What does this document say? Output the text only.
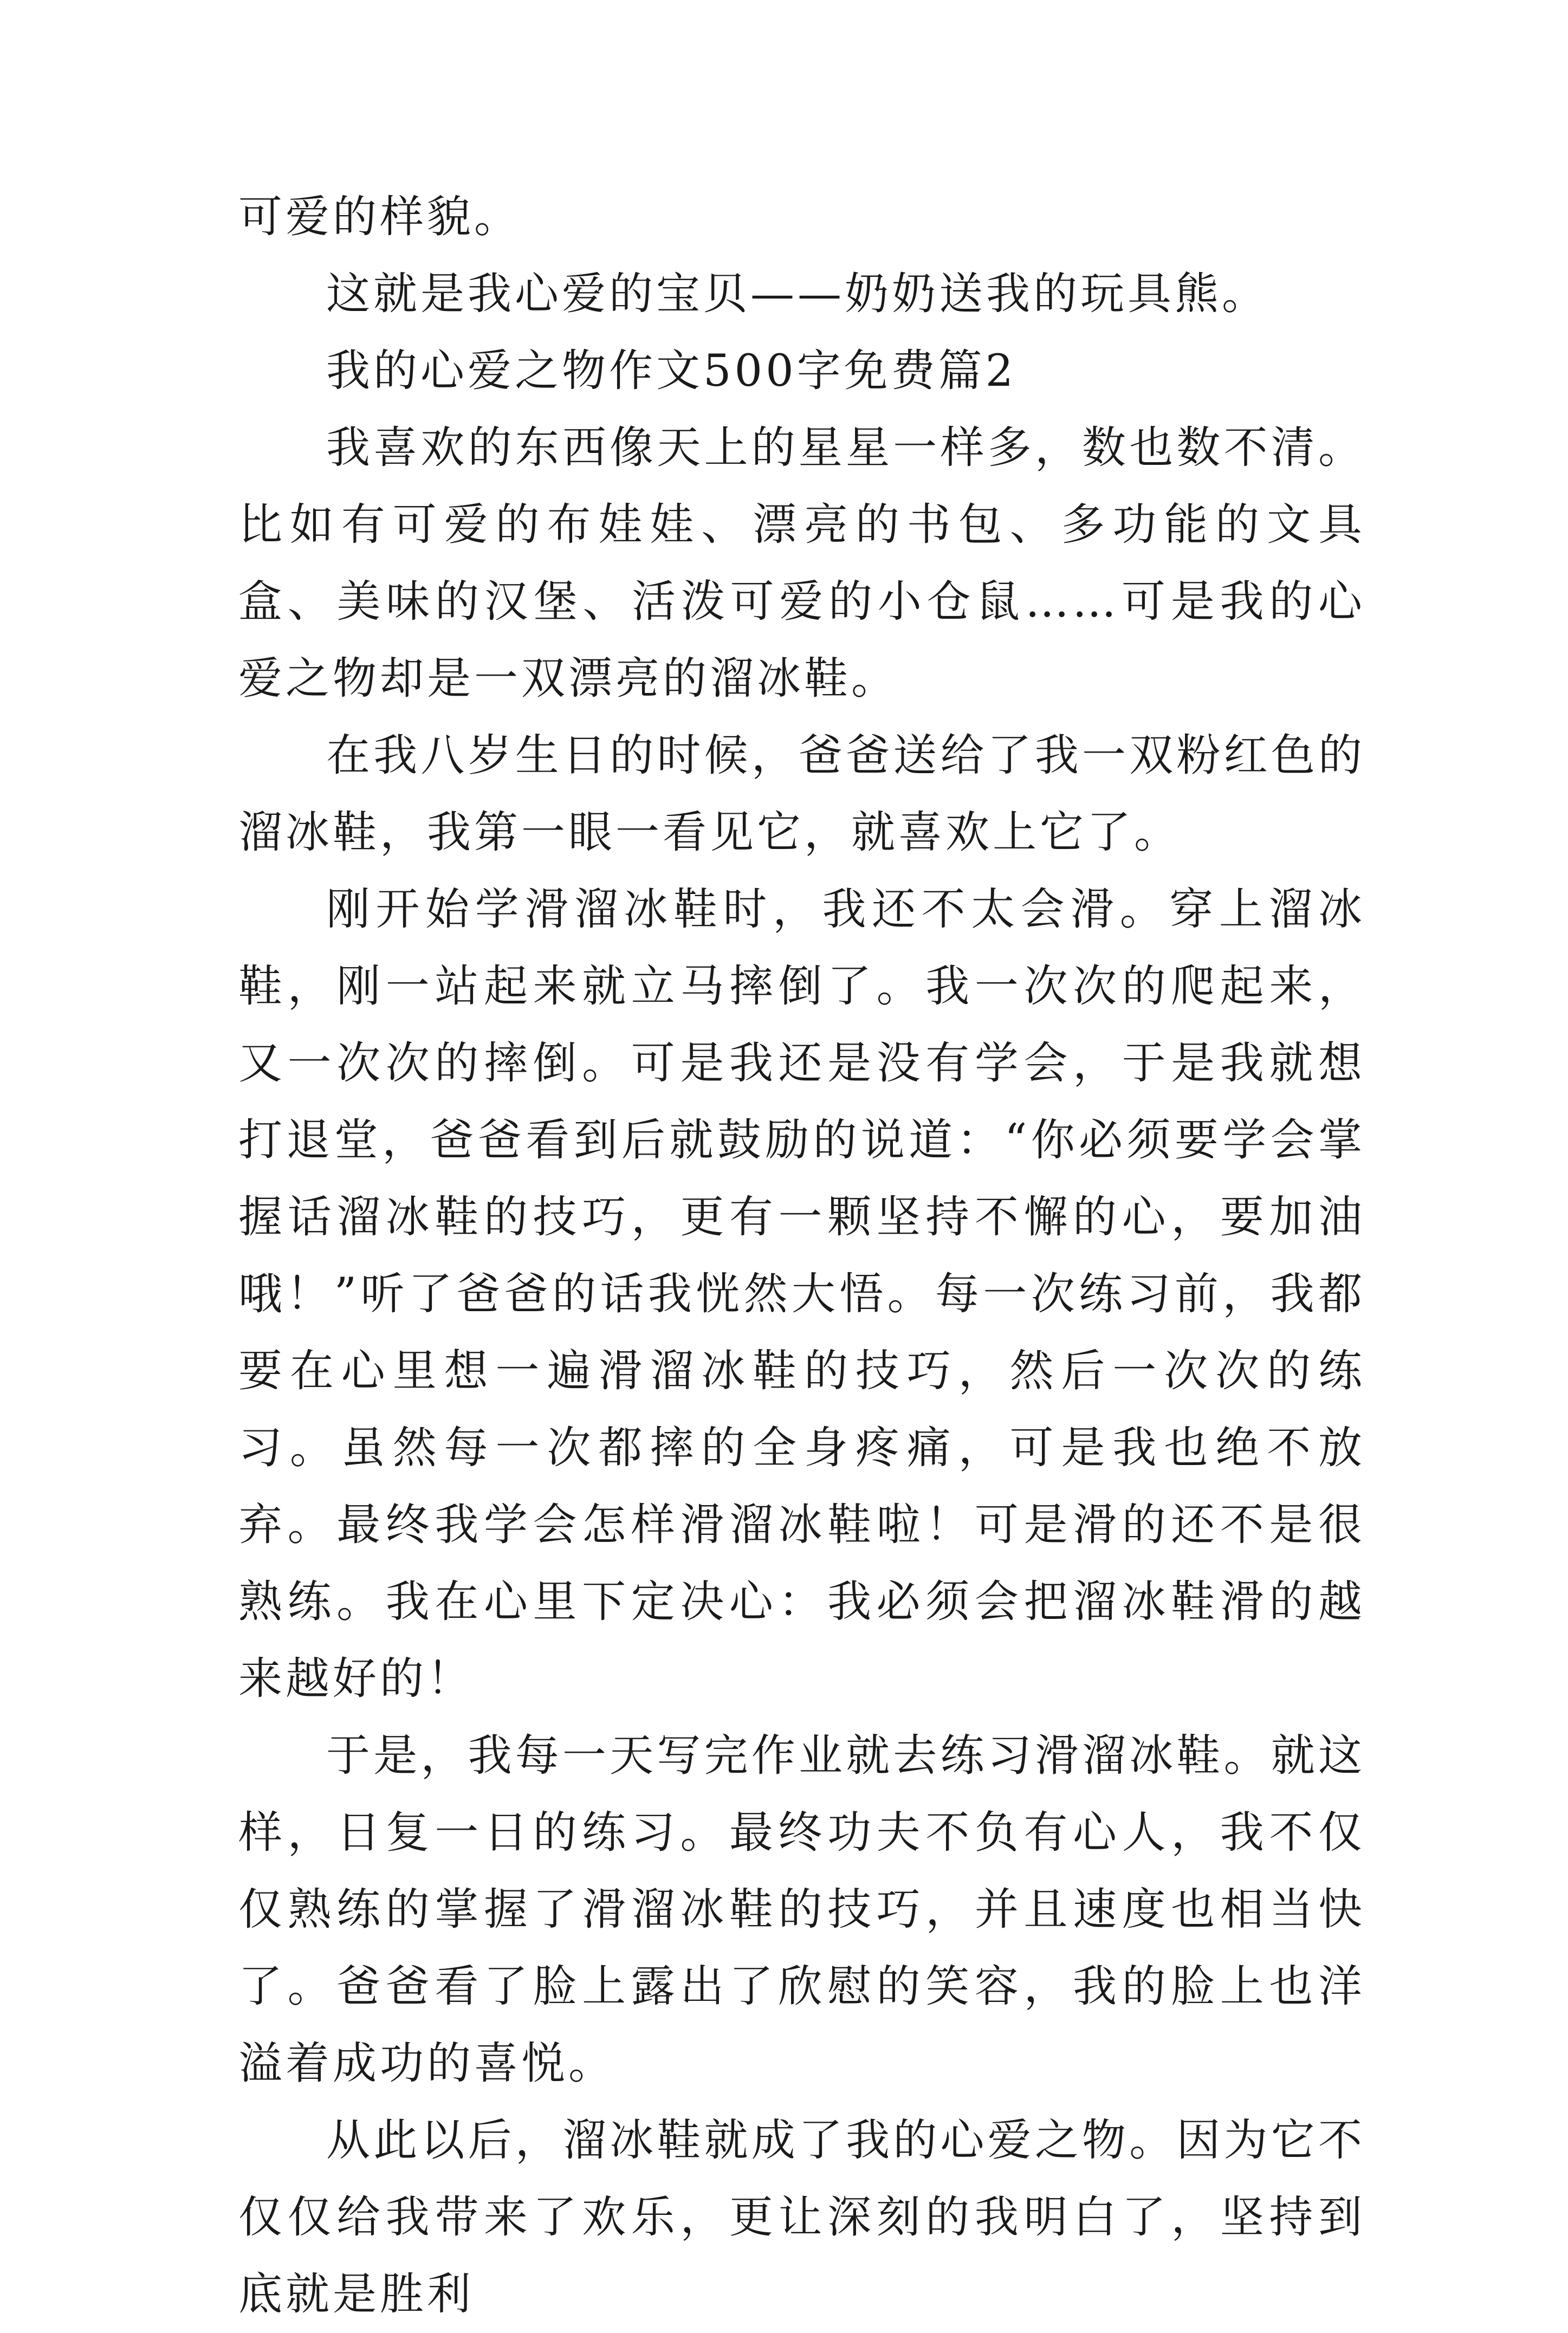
可爱的样貌。

这就是我心爱的宝贝——奶奶送我的玩具熊。

我的心爱之物作文500字免费篇2

我喜欢的东西像天上的星星一样多，数也数不清。比如有可爱的布娃娃、漂亮的书包、多功能的文具盒、美味的汉堡、活泼可爱的小仓鼠……可是我的心爱之物却是一双漂亮的溜冰鞋。

在我八岁生日的时候，爸爸送给了我一双粉红色的溜冰鞋，我第一眼一看见它，就喜欢上它了。

刚开始学滑溜冰鞋时，我还不太会滑。穿上溜冰鞋，刚一站起来就立马摔倒了。我一次次的爬起来，又一次次的摔倒。可是我还是没有学会，于是我就想打退堂，爸爸看到后就鼓励的说道：“你必须要学会掌握话溜冰鞋的技巧，更有一颗坚持不懈的心，要加油哦！”听了爸爸的话我恍然大悟。每一次练习前，我都要在心里想一遍滑溜冰鞋的技巧，然后一次次的练习。虽然每一次都摔的全身疼痛，可是我也绝不放弃。最终我学会怎样滑溜冰鞋啦！可是滑的还不是很熟练。我在心里下定决心：我必须会把溜冰鞋滑的越来越好的！

于是，我每一天写完作业就去练习滑溜冰鞋。就这样，日复一日的练习。最终功夫不负有心人，我不仅仅熟练的掌握了滑溜冰鞋的技巧，并且速度也相当快了。爸爸看了脸上露出了欣慰的笑容，我的脸上也洋溢着成功的喜悦。

从此以后，溜冰鞋就成了我的心爱之物。因为它不仅仅给我带来了欢乐，更让深刻的我明白了，坚持到底就是胜利
